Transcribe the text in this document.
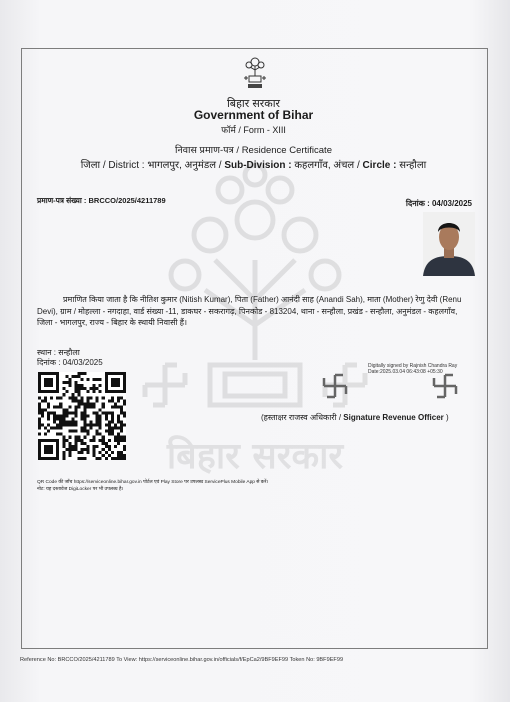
बिहार सरकार
बिहार सरकार
Government of Bihar
फॉर्म / Form - XIII
निवास प्रमाण-पत्र / Residence Certificate
जिला / District : भागलपुर, अनुमंडल / Sub-Division : कहलगाँव, अंचल / Circle : सन्हौला
प्रमाण-पत्र संख्या : BRCCO/2025/4211789	दिनांक : 04/03/2025
प्रमाणित किया जाता है कि नीतिश कुमार (Nitish Kumar), पिता (Father) आनंदी साह (Anandi Sah), माता (Mother) रेणु देवी (Renu Devi), ग्राम / मोहल्ला - नगदाहा, वार्ड संख्या -11, डाकघर - सकरागढ़, पिनकोड - 813204, थाना - सन्हौला, प्रखंड - सन्हौला, अनुमंडल - कहलगाँव, जिला - भागलपुर, राज्य - बिहार के स्थायी निवासी हैं।
स्थान : सन्हौला
दिनांक : 04/03/2025	Digitally signed by Rajnish Chandra Ray
Date:2025.03.04 06:43:08 +05:30
(हस्ताक्षर राजस्व अधिकारी / Signature Revenue Officer )
QR Code की जाँच https://serviceonline.bihar.gov.in पोर्टल एवं Play Store पर उपलब्ध ServicePlus Mobile App से करें।
नोट: यह दस्तावेज DigiLocker पर भी उपलब्ध है।
Reference No: BRCCO/2025/4211789 To View: https://serviceonline.bihar.gov.in/officials/f/EpCa2/9BF9EF99 Token No: 9BF9EF99
